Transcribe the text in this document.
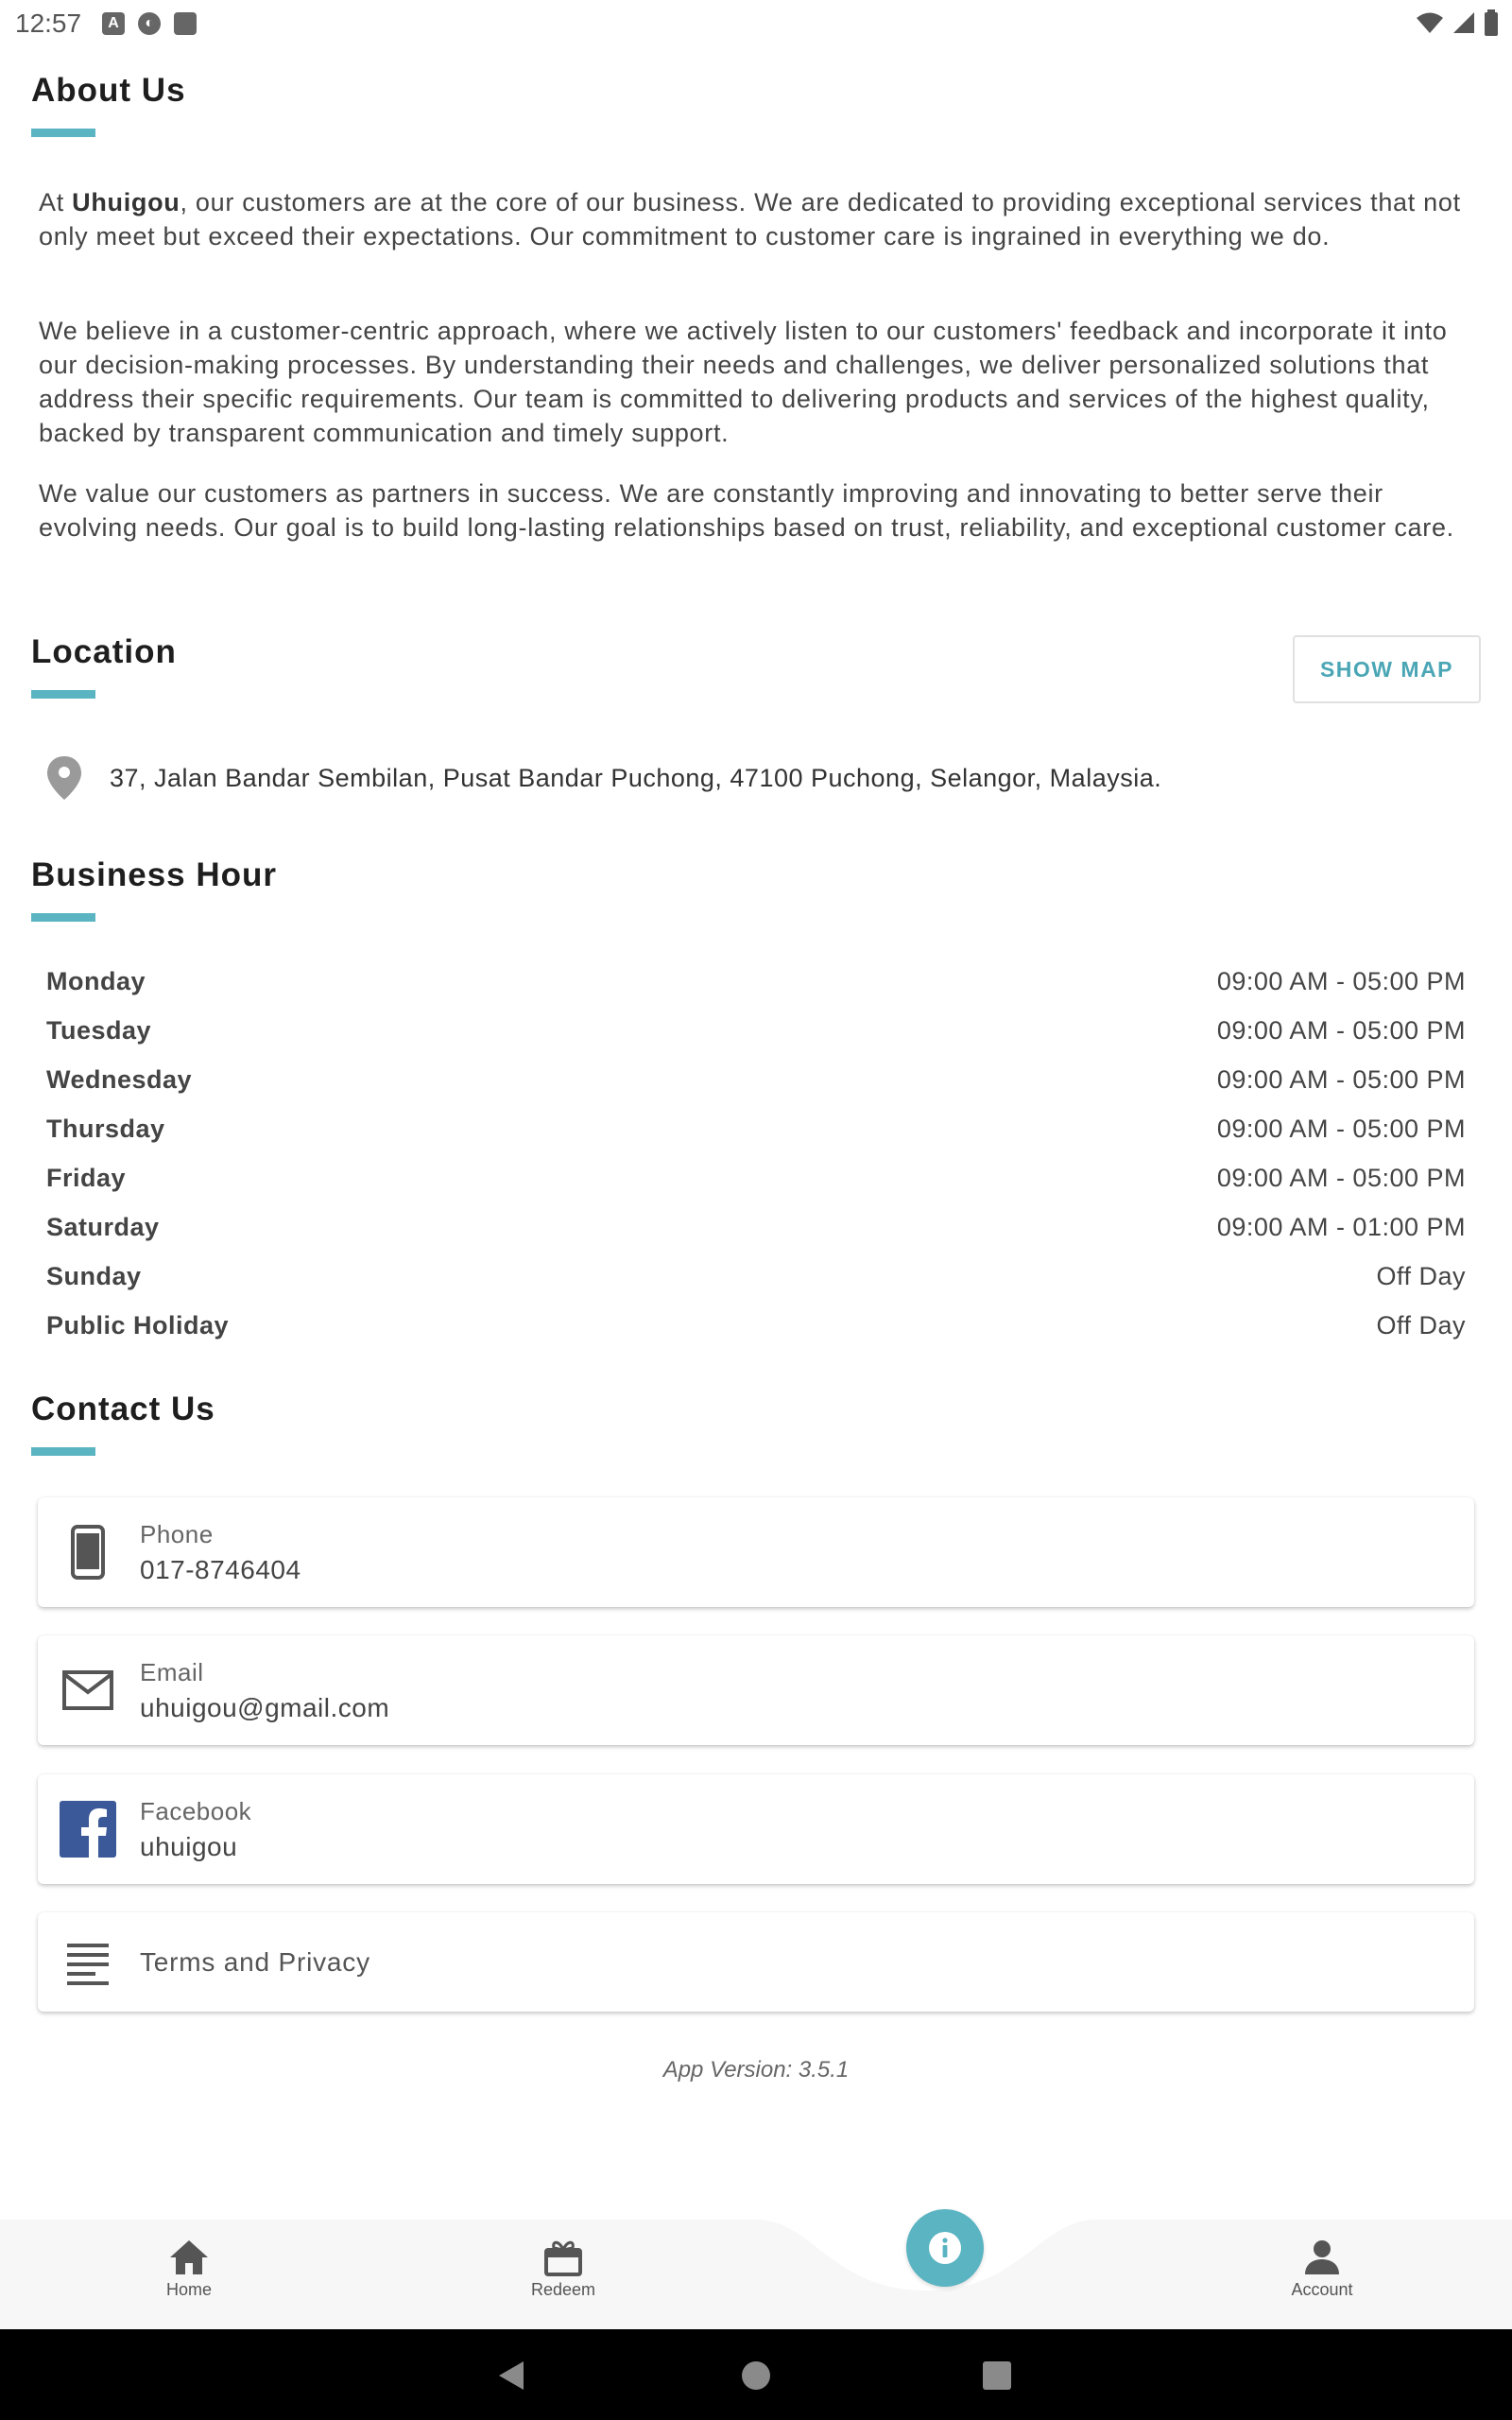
12:57	A	◐
About Us

At Uhuigou, our customers are at the core of our business. We are dedicated to providing exceptional services that not only meet but exceed their expectations. Our commitment to customer care is ingrained in everything we do.

We believe in a customer-centric approach, where we actively listen to our customers' feedback and incorporate it into our decision-making processes. By understanding their needs and challenges, we deliver personalized solutions that address their specific requirements. Our team is committed to delivering products and services of the highest quality, backed by transparent communication and timely support.

We value our customers as partners in success. We are constantly improving and innovating to better serve their evolving needs. Our goal is to build long-lasting relationships based on trust, reliability, and exceptional customer care.

Location	SHOW MAP
37, Jalan Bandar Sembilan, Pusat Bandar Puchong, 47100 Puchong, Selangor, Malaysia.
Business Hour
Monday	09:00 AM - 05:00 PM
Tuesday	09:00 AM - 05:00 PM
Wednesday	09:00 AM - 05:00 PM
Thursday	09:00 AM - 05:00 PM
Friday	09:00 AM - 05:00 PM
Saturday	09:00 AM - 01:00 PM
Sunday	Off Day
Public Holiday	Off Day
Contact Us
Phone
017-8746404
Email
uhuigou@gmail.com
Facebook
uhuigou
Terms and Privacy
App Version: 3.5.1
Home	Redeem	Account
